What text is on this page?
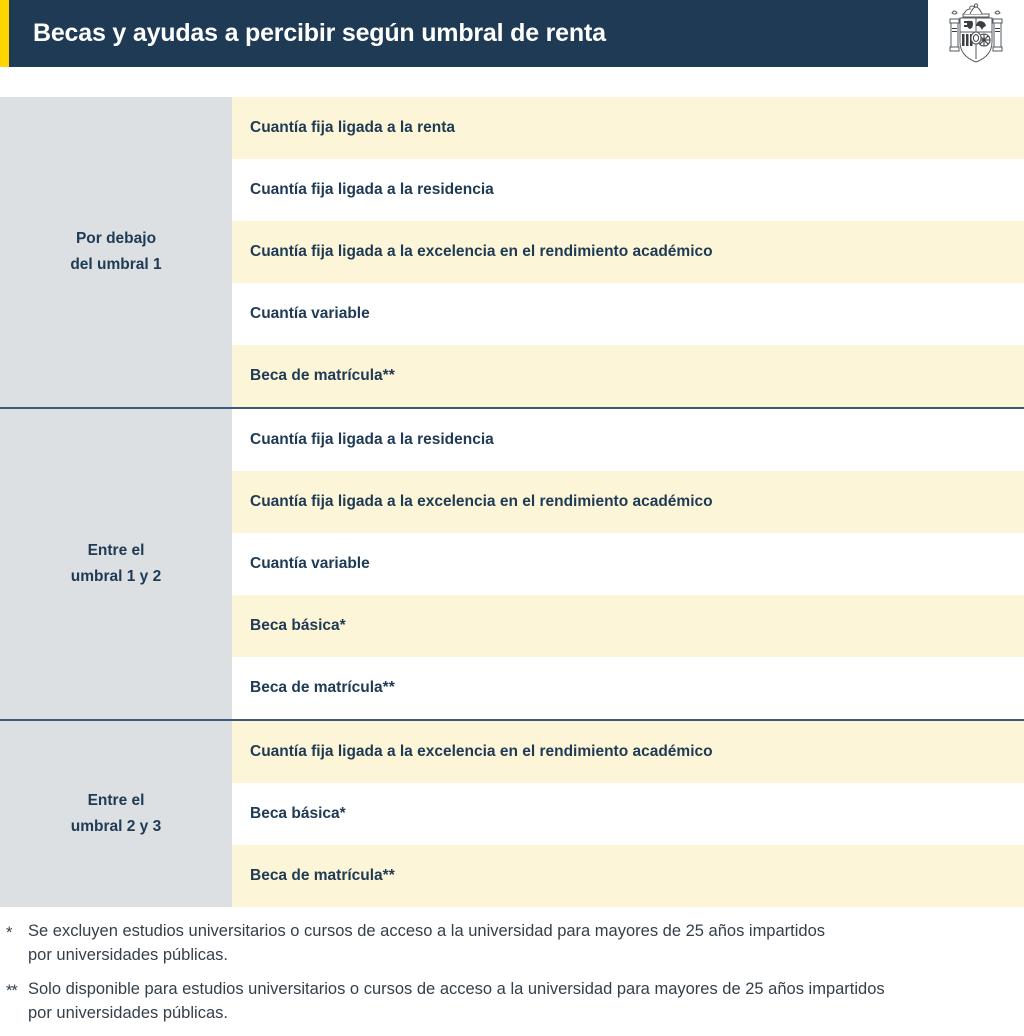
Becas y ayudas a percibir según umbral de renta
Por debajo
del umbral 1
Cuantía fija ligada a la renta
Cuantía fija ligada a la residencia
Cuantía fija ligada a la excelencia en el rendimiento académico
Cuantía variable
Beca de matrícula**
Entre el
umbral 1 y 2
Cuantía fija ligada a la residencia
Cuantía fija ligada a la excelencia en el rendimiento académico
Cuantía variable
Beca básica*
Beca de matrícula**
Entre el
umbral 2 y 3
Cuantía fija ligada a la excelencia en el rendimiento académico
Beca básica*
Beca de matrícula**
*	Se excluyen estudios universitarios o cursos de acceso a la universidad para mayores de 25 años impartidos
por universidades públicas.
** Solo disponible para estudios universitarios o cursos de acceso a la universidad para mayores de 25 años impartidos
por universidades públicas.
